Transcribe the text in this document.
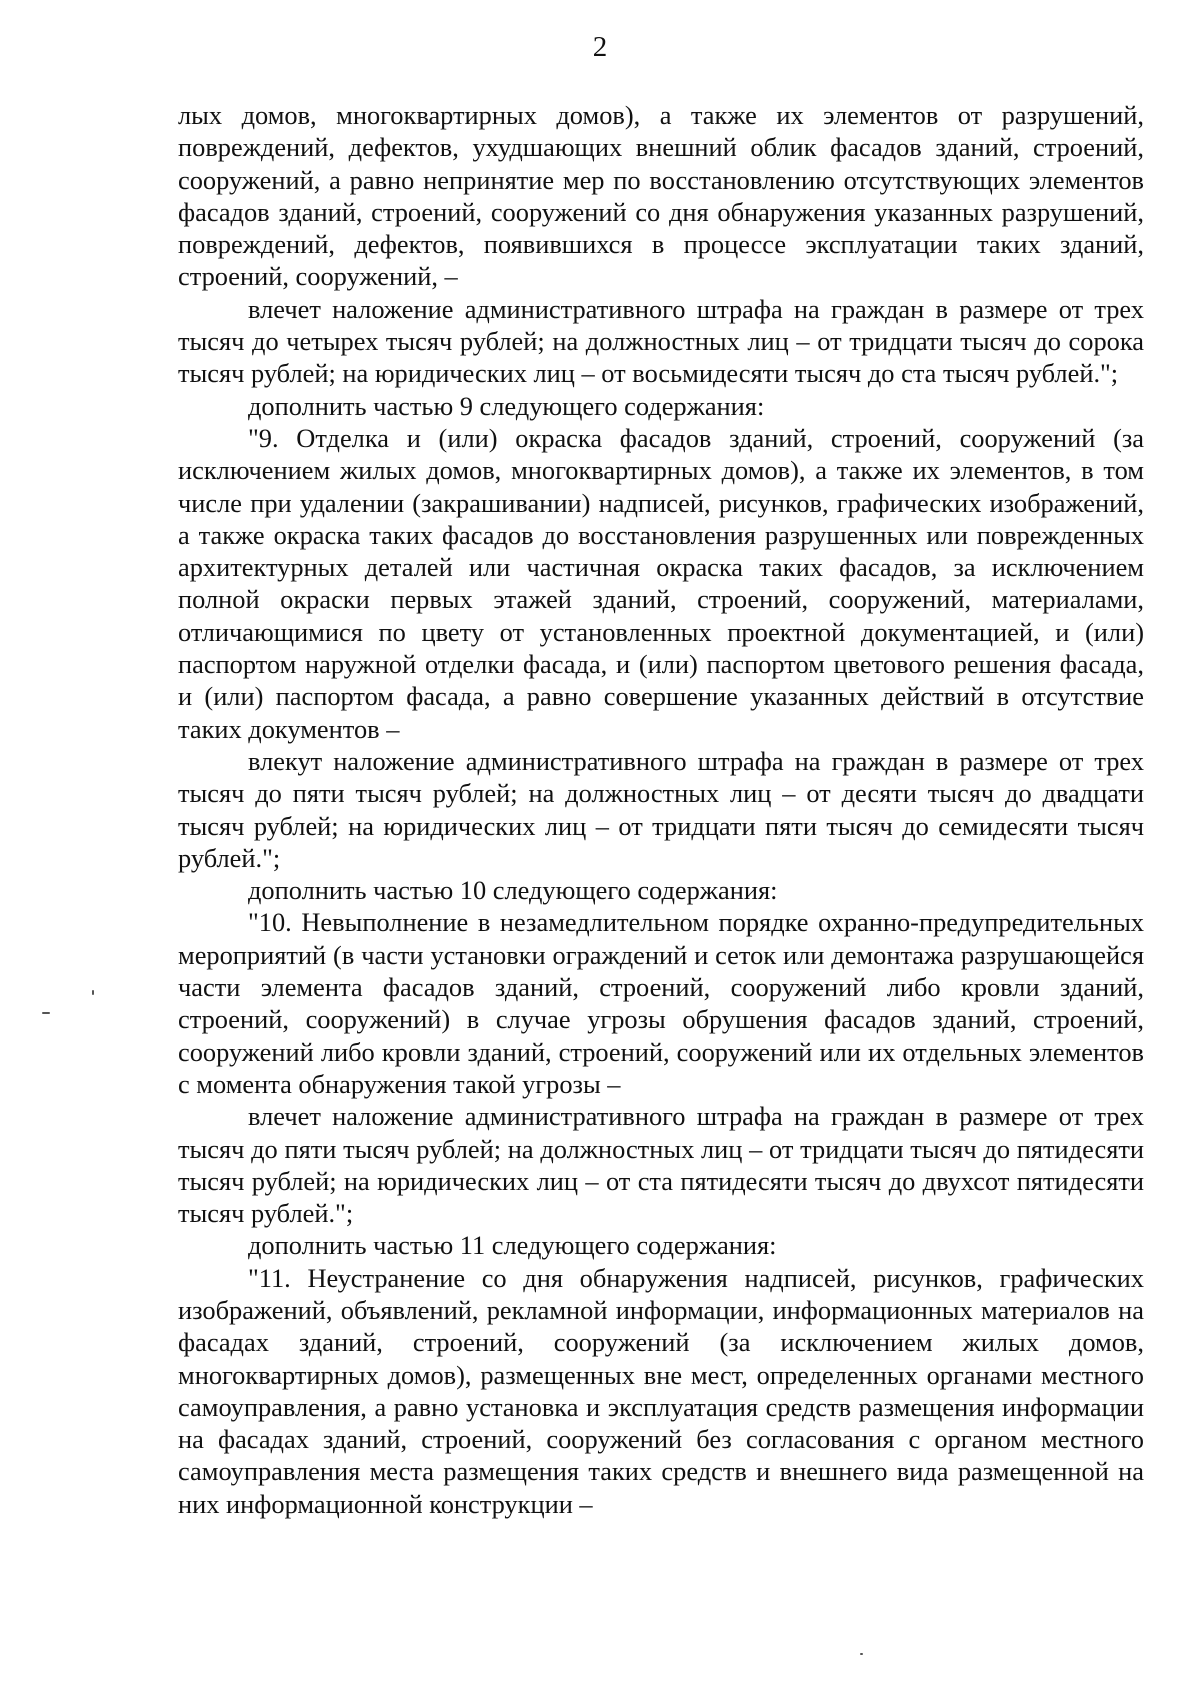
2

лых домов, многоквартирных домов), а также их элементов от разрушений, повреждений, дефектов, ухудшающих внешний облик фасадов зданий, строений, сооружений, а равно непринятие мер по восстановлению отсутствующих элементов фасадов зданий, строений, сооружений со дня обнаружения указанных разрушений, повреждений, дефектов, появившихся в процессе эксплуатации таких зданий, строений, сооружений, –

влечет наложение административного штрафа на граждан в размере от трех тысяч до четырех тысяч рублей; на должностных лиц – от тридцати тысяч до сорока тысяч рублей; на юридических лиц – от восьмидесяти тысяч до ста тысяч рублей.";

дополнить частью 9 следующего содержания:

"9. Отделка и (или) окраска фасадов зданий, строений, сооружений (за исключением жилых домов, многоквартирных домов), а также их элементов, в том числе при удалении (закрашивании) надписей, рисунков, графических изображений, а также окраска таких фасадов до восстановления разрушенных или поврежденных архитектурных деталей или частичная окраска таких фасадов, за исключением полной окраски первых этажей зданий, строений, сооружений, материалами, отличающимися по цвету от установленных проектной документацией, и (или) паспортом наружной отделки фасада, и (или) паспортом цветового решения фасада, и (или) паспортом фасада, а равно совершение указанных действий в отсутствие таких документов –

влекут наложение административного штрафа на граждан в размере от трех тысяч до пяти тысяч рублей; на должностных лиц – от десяти тысяч до двадцати тысяч рублей; на юридических лиц – от тридцати пяти тысяч до семидесяти тысяч рублей.";

дополнить частью 10 следующего содержания:

"10. Невыполнение в незамедлительном порядке охранно-предупредительных мероприятий (в части установки ограждений и сеток или демонтажа разрушающейся части элемента фасадов зданий, строений, сооружений либо кровли зданий, строений, сооружений) в случае угрозы обрушения фасадов зданий, строений, сооружений либо кровли зданий, строений, сооружений или их отдельных элементов с момента обнаружения такой угрозы –

влечет наложение административного штрафа на граждан в размере от трех тысяч до пяти тысяч рублей; на должностных лиц – от тридцати тысяч до пятидесяти тысяч рублей; на юридических лиц – от ста пятидесяти тысяч до двухсот пятидесяти тысяч рублей.";

дополнить частью 11 следующего содержания:

"11. Неустранение со дня обнаружения надписей, рисунков, графических изображений, объявлений, рекламной информации, информационных материалов на фасадах зданий, строений, сооружений (за исключением жилых домов, многоквартирных домов), размещенных вне мест, определенных органами местного самоуправления, а равно установка и эксплуатация средств размещения информации на фасадах зданий, строений, сооружений без согласования с органом местного самоуправления места размещения таких средств и внешнего вида размещенной на них информационной конструкции –
